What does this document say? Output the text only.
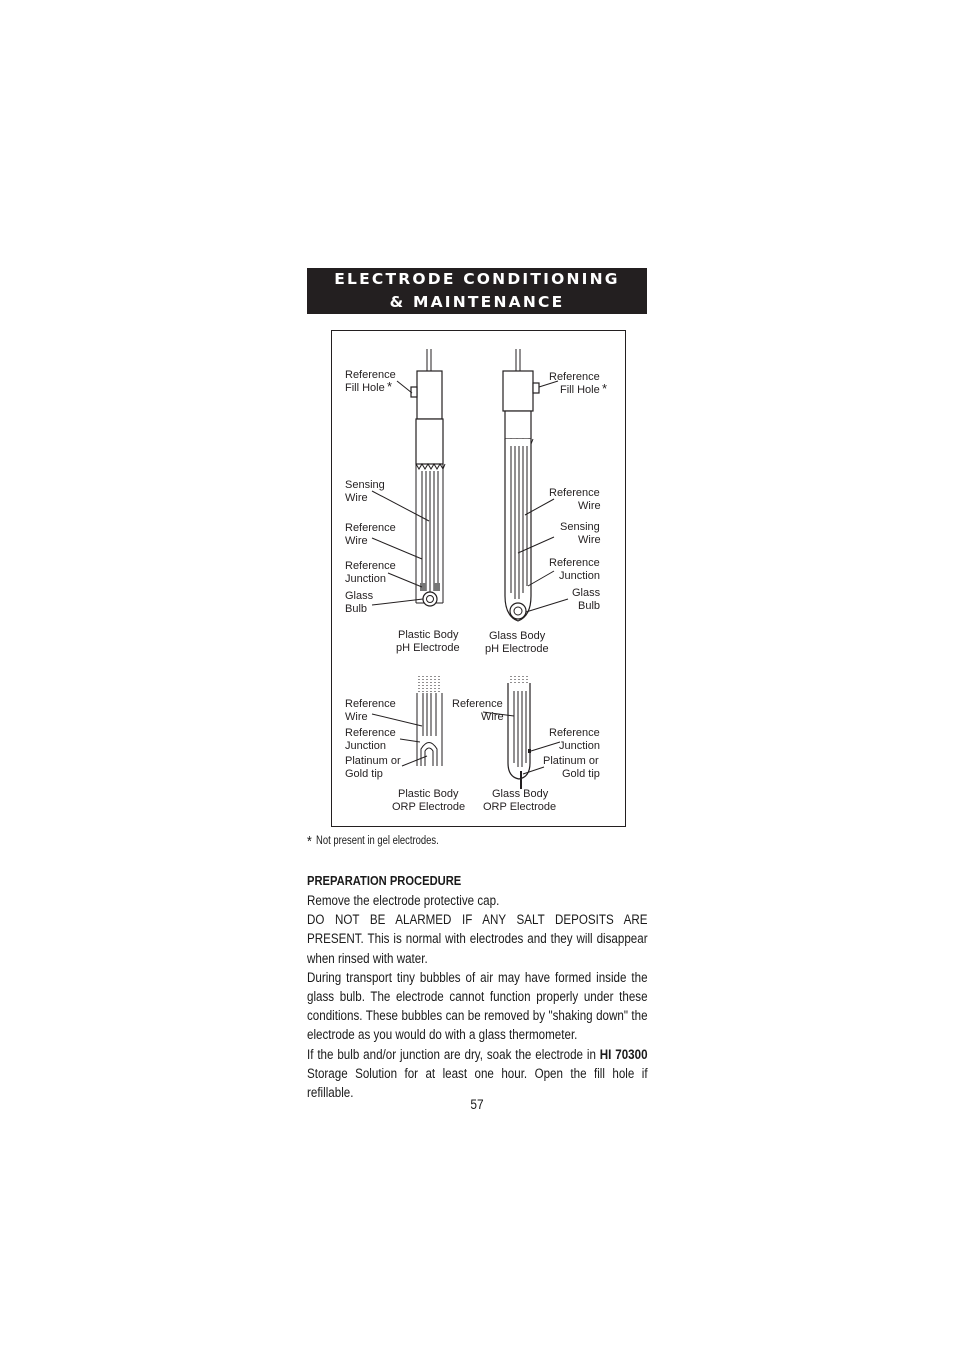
ELECTRODE CONDITIONING
& MAINTENANCE
Reference
Fill Hole *
Sensing
Wire
Reference
Wire
Reference
Junction
Glass
Bulb
Plastic Body
pH Electrode
Reference
Fill Hole *
Reference
Wire
Sensing
Wire
Reference
Junction
Glass
Bulb
Glass Body
pH Electrode
Reference
Wire
Reference
Junction
Platinum or
Gold tip
Plastic Body
ORP Electrode
Reference
Wire
Reference
Junction
Platinum or
Gold tip
Glass Body
ORP Electrode
* Not present in gel electrodes.
PREPARATION PROCEDURE

Remove the electrode protective cap.

DO NOT BE ALARMED IF ANY SALT DEPOSITS ARE PRESENT. This is normal with electrodes and they will disappear when rinsed with water.

During transport tiny bubbles of air may have formed inside the glass bulb. The electrode cannot function properly under these conditions. These bubbles can be removed by "shaking down" the electrode as you would do with a glass thermometer.

If the bulb and/or junction are dry, soak the electrode in HI 70300 Storage Solution for at least one hour. Open the fill hole if refillable.

57
